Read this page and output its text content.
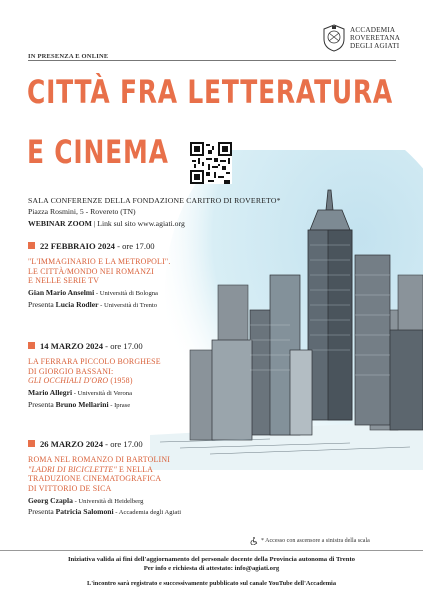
ACCADEMIA
ROVERETANA
DEGLI AGIATI
IN PRESENZA E ONLINE
CITTÀ FRA LETTERATURA
E CINEMA
SALA CONFERENZE DELLA FONDAZIONE CARITRO DI ROVERETO*
Piazza Rosmini, 5 - Rovereto (TN)
WEBINAR ZOOM | Link sul sito www.agiati.org
22 FEBBRAIO 2024 - ore 17.00
"L'IMMAGINARIO E LA METROPOLI".
LE CITTÀ/MONDO NEI ROMANZI
E NELLE SERIE TV
Gian Mario Anselmi - Università di Bologna
Presenta Lucia Rodler - Università di Trento
14 MARZO 2024 - ore 17.00
LA FERRARA PICCOLO BORGHESE
DI GIORGIO BASSANI:
GLI OCCHIALI D'ORO (1958)
Mario Allegri - Università di Verona
Presenta Bruno Mellarini - Iprase
26 MARZO 2024 - ore 17.00
ROMA NEL ROMANZO DI BARTOLINI
"LADRI DI BICICLETTE" E NELLA
TRADUZIONE CINEMATOGRAFICA
DI VITTORIO DE SICA
Georg Czapla - Università di Heidelberg
Presenta Patricia Salomoni - Accademia degli Agiati
* Accesso con ascensore a sinistra della scala
Iniziativa valida ai fini dell'aggiornamento del personale docente della Provincia autonoma di Trento
Per info e richiesta di attestato: info@agiati.org
L'incontro sarà registrato e successivamente pubblicato sul canale YouTube dell'Accademia
